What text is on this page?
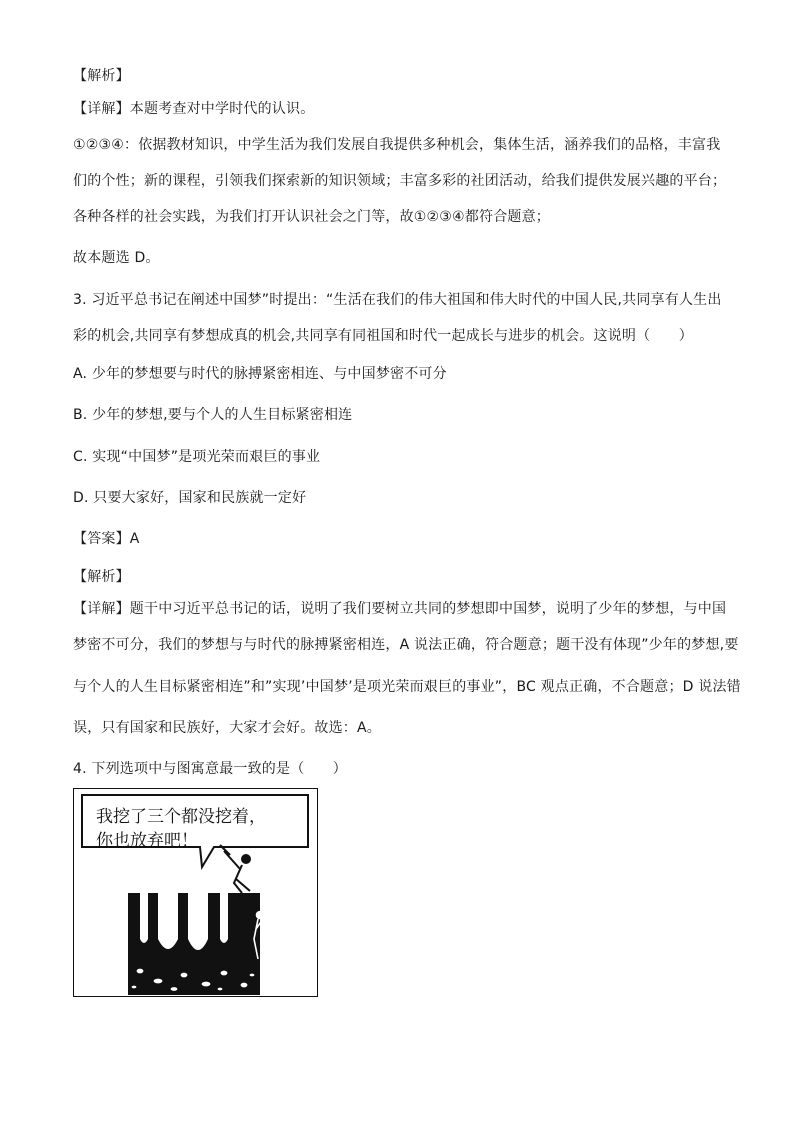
【解析】
【详解】本题考查对中学时代的认识。
①②③④：依据教材知识，中学生活为我们发展自我提供多种机会，集体生活，涵养我们的品格，丰富我
们的个性；新的课程，引领我们探索新的知识领域；丰富多彩的社团活动，给我们提供发展兴趣的平台；
各种各样的社会实践，为我们打开认识社会之门等，故①②③④都符合题意；
故本题选 D。
3. 习近平总书记在阐述中国梦”时提出：“生活在我们的伟大祖国和伟大时代的中国人民,共同享有人生出
彩的机会,共同享有梦想成真的机会,共同享有同祖国和时代一起成长与进步的机会。这说明（　　）
A. 少年的梦想要与时代的脉搏紧密相连、与中国梦密不可分
B. 少年的梦想,要与个人的人生目标紧密相连
C. 实现“中国梦”是项光荣而艰巨的事业
D. 只要大家好，国家和民族就一定好
【答案】A
【解析】
【详解】题干中习近平总书记的话，说明了我们要树立共同的梦想即中国梦，说明了少年的梦想，与中国
梦密不可分，我们的梦想与与时代的脉搏紧密相连，A 说法正确，符合题意；题干没有体现”少年的梦想,要
与个人的人生目标紧密相连”和”实现’中国梦’是项光荣而艰巨的事业”，BC 观点正确，不合题意；D 说法错
误，只有国家和民族好，大家才会好。故选：A。
4. 下列选项中与图寓意最一致的是（　　）
我挖了三个都没挖着，
你也放弃吧！
